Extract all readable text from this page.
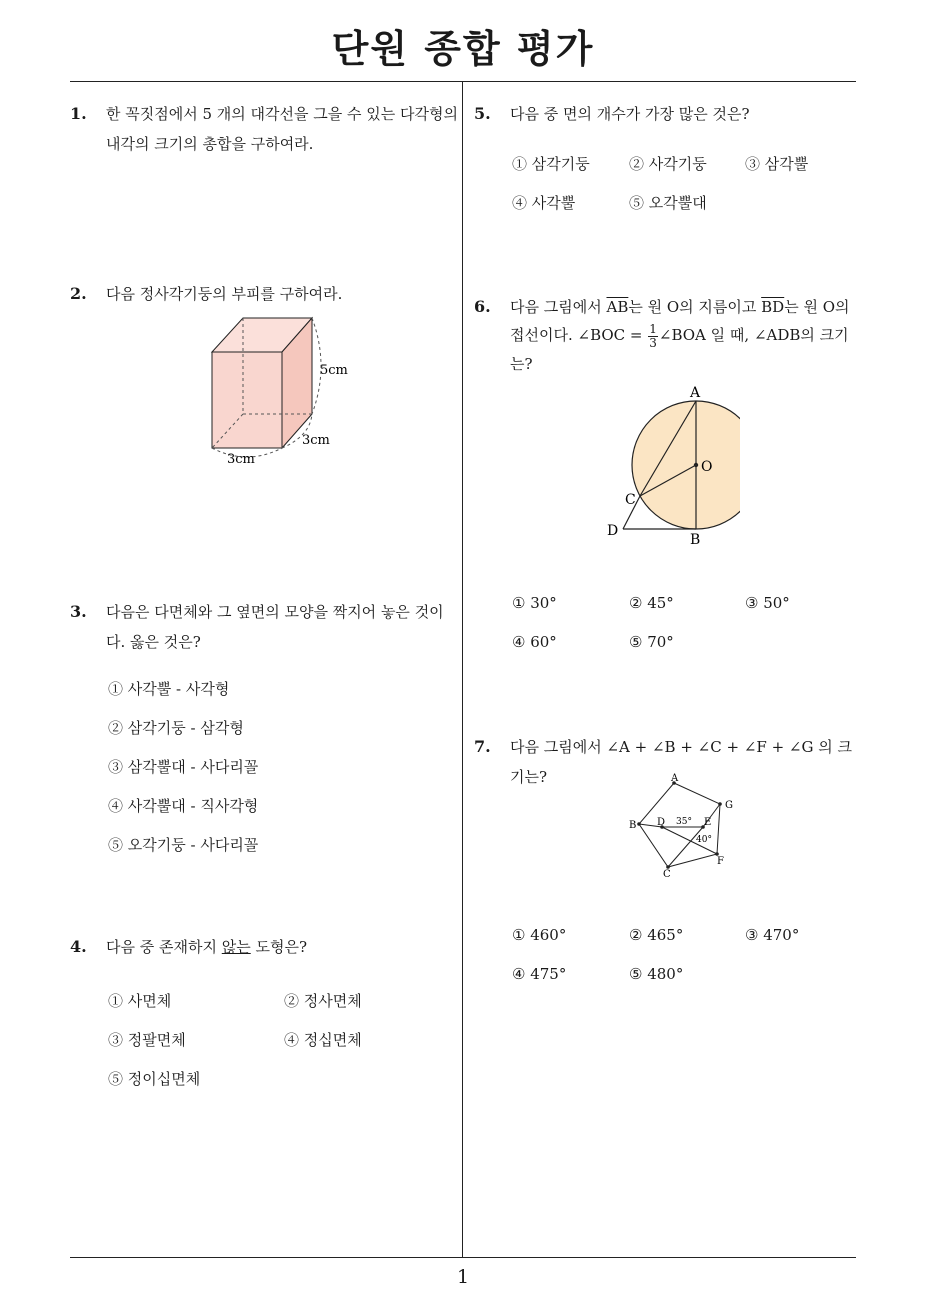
단원 종합 평가
1
1. 한 꼭짓점에서 5 개의 대각선을 그을 수 있는 다각형의 내각의 크기의 총합을 구하여라.
2. 다음 정사각기둥의 부피를 구하여라.
5cm
3cm
3cm
3. 다음은 다면체와 그 옆면의 모양을 짝지어 놓은 것이다. 옳은 것은?
① 사각뿔 - 사각형
② 삼각기둥 - 삼각형
③ 삼각뿔대 - 사다리꼴
④ 사각뿔대 - 직사각형
⑤ 오각기둥 - 사다리꼴
4. 다음 중 존재하지 않는 도형은?
① 사면체	② 정사면체
③ 정팔면체	④ 정십면체
⑤ 정이십면체
5. 다음 중 면의 개수가 가장 많은 것은?
① 삼각기둥	② 사각기둥	③ 삼각뿔
④ 사각뿔	⑤ 오각뿔대
6. 다음 그림에서 $\overline{AB}$는 원 O의 지름이고 $\overline{BD}$는 원 O의 접선이다. ∠BOC = $\frac{1}{3}$ ∠BOA 일 때, ∠ADB의 크기는?
A
B
C
D
O
① 30°	② 45°	③ 50°
④ 60°	⑤ 70°
7. 다음 그림에서 ∠A + ∠B + ∠C + ∠F + ∠G 의 크기는?	A
G
F
C
B D	E
35°
40°
① 460°	② 465°	③ 470°
④ 475°	⑤ 480°
